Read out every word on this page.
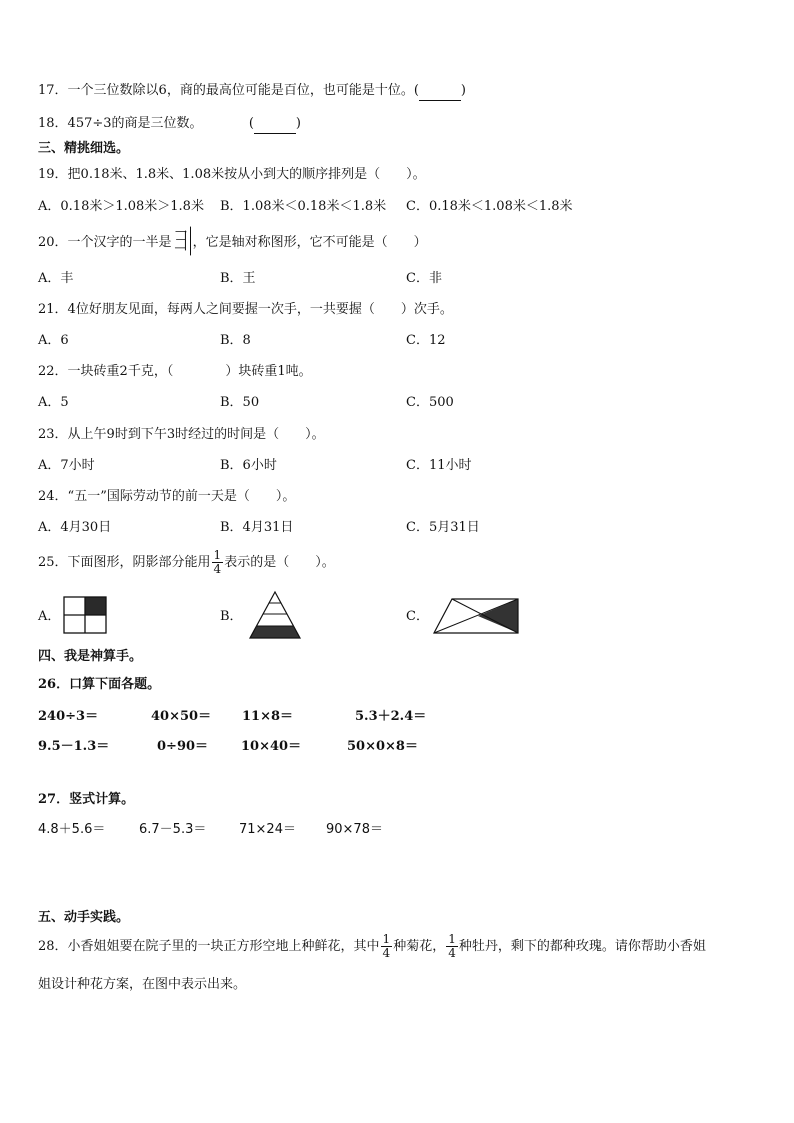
17．一个三位数除以6，商的最高位可能是百位，也可能是十位。(	)
18．457÷3的商是三位数。	(	)
三、精挑细选。
19．把0.18米、1.8米、1.08米按从小到大的顺序排列是（　　）。
A．0.18米＞1.08米＞1.8米 B．1.08米＜0.18米＜1.8米 C．0.18米＜1.08米＜1.8米
20．一个汉字的一半是 彐 ，它是轴对称图形，它不可能是（　　）
A．丰	B．王	C．非
21．4位好朋友见面，每两人之间要握一次手，一共要握（　　）次手。
A．6	B．8	C．12
22．一块砖重2千克，（　　　　）块砖重1吨。
A．5	B．50	C．500
23．从上午9时到下午3时经过的时间是（　　）。
A．7小时	B．6小时	C．11小时
24．“五一”国际劳动节的前一天是（　　）。
A．4月30日	B．4月31日	C．5月31日
25．下面图形，阴影部分能用 $\frac{1}{4}$ 表示的是（　　）。
A．	B．	C．
四、我是神算手。
26．口算下面各题。
240÷3＝	40×50＝ 11×8＝	5.3＋2.4＝
9.5－1.3＝	0÷90＝	10×40＝	50×0×8＝
27．竖式计算。
4.8＋5.6＝	6.7－5.3＝	71×24＝ 90×78＝
五、动手实践。
28．小香姐姐要在院子里的一块正方形空地上种鲜花，其中 $\frac{1}{4}$ 种菊花， $\frac{1}{4}$ 种牡丹，剩下的都种玫瑰。请你帮助小香姐
姐设计种花方案，在图中表示出来。
